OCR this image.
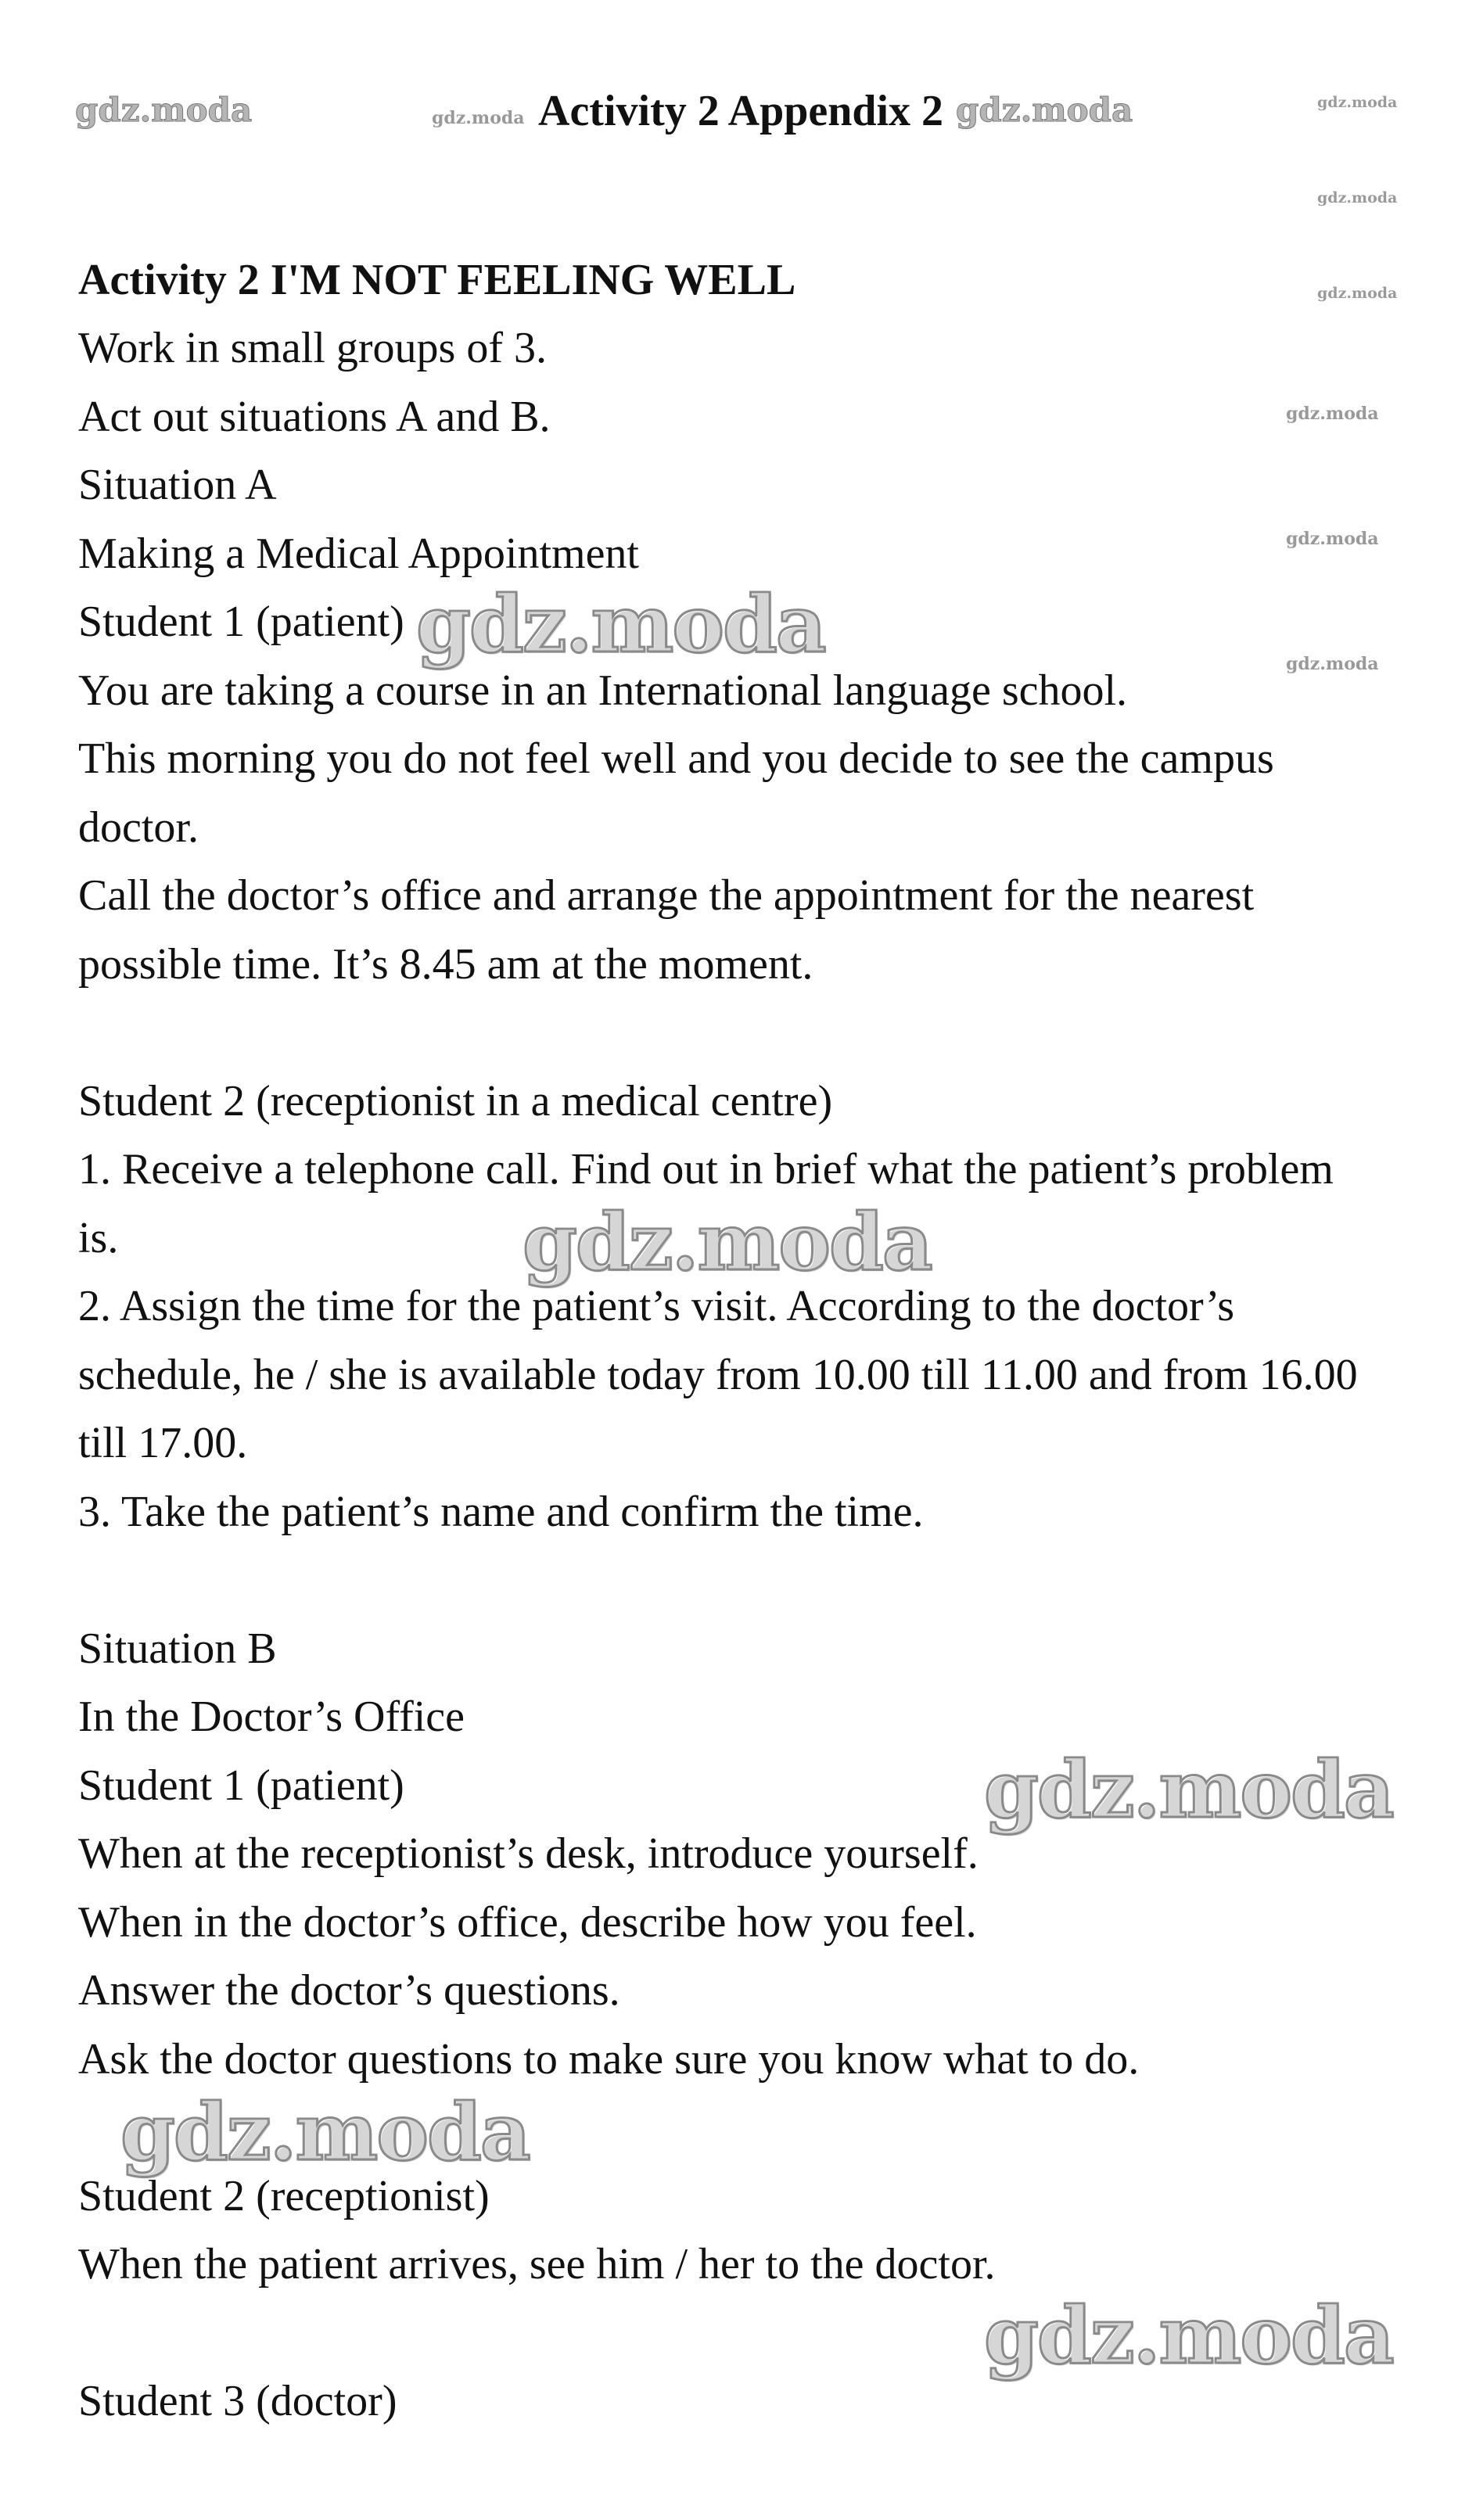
Activity 2 Appendix 2
gdz.moda	gdz.moda	gdz.moda	gdz.moda
gdz.moda
gdz.moda
gdz.moda
gdz.moda
gdz.moda
gdz.moda
gdz.moda
gdz.moda
gdz.moda
gdz.moda
Activity 2 I'M NOT FEELING WELL
Work in small groups of 3.
Act out situations A and B.
Situation A
Making a Medical Appointment
Student 1 (patient)
You are taking a course in an International language school.
This morning you do not feel well and you decide to see the campus
doctor.
Call the doctor’s office and arrange the appointment for the nearest
possible time. It’s 8.45 am at the moment.
Student 2 (receptionist in a medical centre)
1. Receive a telephone call. Find out in brief what the patient’s problem
is.
2. Assign the time for the patient’s visit. According to the doctor’s
schedule, he / she is available today from 10.00 till 11.00 and from 16.00
till 17.00.
3. Take the patient’s name and confirm the time.
Situation B
In the Doctor’s Office
Student 1 (patient)
When at the receptionist’s desk, introduce yourself.
When in the doctor’s office, describe how you feel.
Answer the doctor’s questions.
Ask the doctor questions to make sure you know what to do.
Student 2 (receptionist)
When the patient arrives, see him / her to the doctor.
Student 3 (doctor)
